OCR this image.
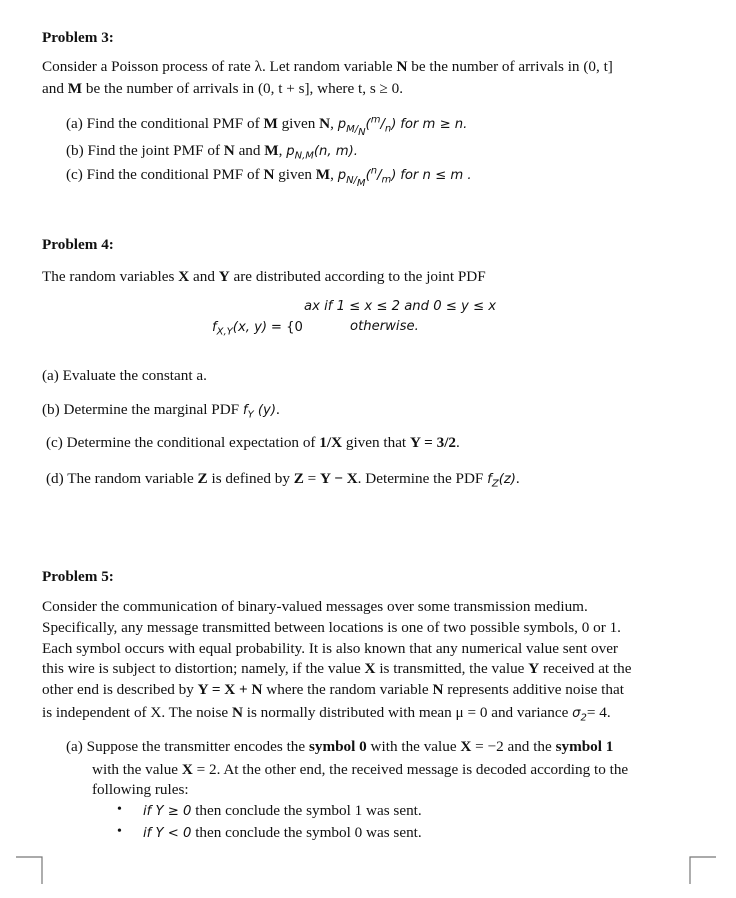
Problem 3:
Consider a Poisson process of rate λ. Let random variable N be the number of arrivals in (0, t]
and M be the number of arrivals in (0, t + s], where t, s ≥ 0.
(a) Find the conditional PMF of M given N, $p_{M/_N}(^m/_n)$ for m ≥ n.
(b) Find the joint PMF of N and M, $p_{N,M}(n$, m).
(c) Find the conditional PMF of N given M, $p_{N/_M}(^n/_m)$ for n ≤ m .
Problem 4:
The random variables X and Y are distributed according to the joint PDF
ax if 1 ≤ x ≤ 2 and 0 ≤ y ≤ x
$f_{X,Y}(x$, y) = {0	otherwise.
(a) Evaluate the constant a.
(b) Determine the marginal PDF $f_Y$ (y).
(c) Determine the conditional expectation of 1/X given that Y = 3/2.
(d) The random variable Z is defined by Z = Y − X. Determine the PDF $f_Z(z)$.
Problem 5:
Consider the communication of binary-valued messages over some transmission medium.
Specifically, any message transmitted between locations is one of two possible symbols, 0 or 1.
Each symbol occurs with equal probability. It is also known that any numerical value sent over
this wire is subject to distortion; namely, if the value X is transmitted, the value Y received at the
other end is described by Y = X + N where the random variable N represents additive noise that
is independent of X. The noise N is normally distributed with mean μ = 0 and variance $\sigma_2= 4$.
(a) Suppose the transmitter encodes the symbol 0 with the value X = −2 and the symbol 1
with the value X = 2. At the other end, the received message is decoded according to the
following rules:
• if Y ≥ 0 then conclude the symbol 1 was sent.
• if Y < 0 then conclude the symbol 0 was sent.
